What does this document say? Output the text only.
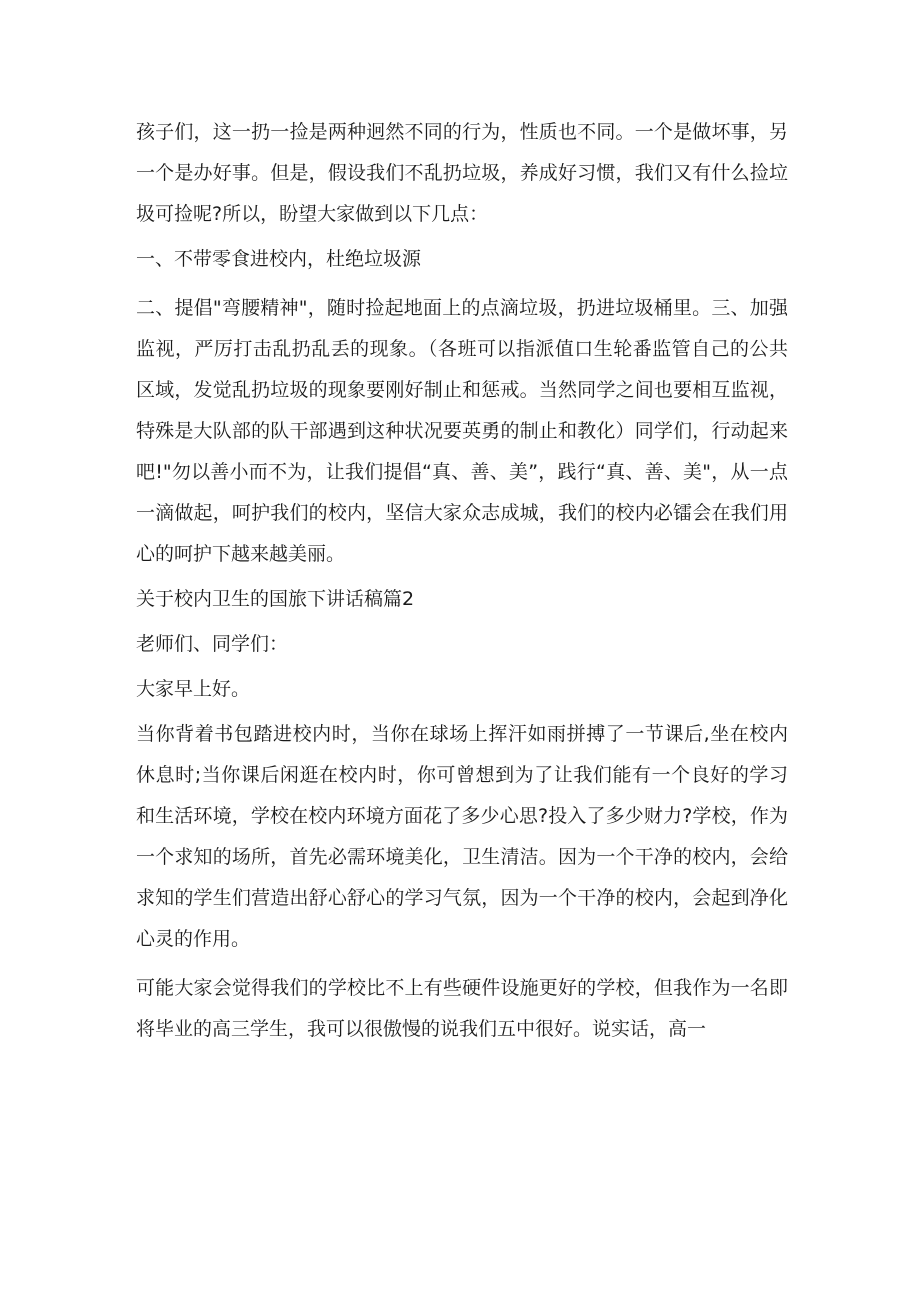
孩子们，这一扔一捡是两种迥然不同的行为，性质也不同。一个是做坏事，另一个是办好事。但是，假设我们不乱扔垃圾，养成好习惯，我们又有什么捡垃圾可捡呢?所以，盼望大家做到以下几点：

一、不带零食进校内，杜绝垃圾源

二、提倡"弯腰精神"，随时捡起地面上的点滴垃圾，扔进垃圾桶里。三、加强监视，严厉打击乱扔乱丢的现象。（各班可以指派值口生轮番监管自己的公共区域，发觉乱扔垃圾的现象要刚好制止和惩戒。当然同学之间也要相互监视，特殊是大队部的队干部遇到这种状况要英勇的制止和教化）同学们，行动起来吧!"勿以善小而不为，让我们提倡“真、善、美”，践行“真、善、美"，从一点一滴做起，呵护我们的校内，坚信大家众志成城，我们的校内必镭会在我们用心的呵护下越来越美丽。

关于校内卫生的国旅下讲话稿篇2

老师们、同学们：

大家早上好。

当你背着书包踏进校内时，当你在球场上挥汗如雨拼搏了一节课后,坐在校内休息时;当你课后闲逛在校内时，你可曾想到为了让我们能有一个良好的学习和生活环境，学校在校内环境方面花了多少心思?投入了多少财力?学校，作为一个求知的场所，首先必需环境美化，卫生清洁。因为一个干净的校内，会给求知的学生们营造出舒心舒心的学习气氛，因为一个干净的校内，会起到净化心灵的作用。

可能大家会觉得我们的学校比不上有些硬件设施更好的学校，但我作为一名即将毕业的高三学生，我可以很傲慢的说我们五中很好。说实话，高一
